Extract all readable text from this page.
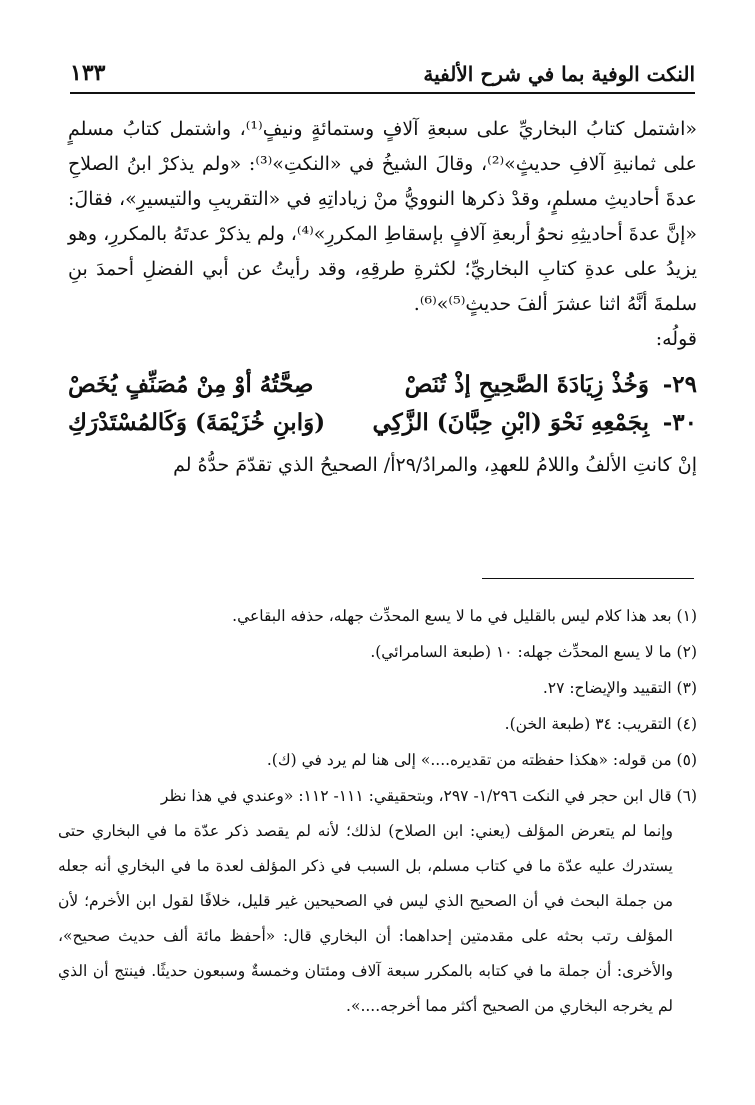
النكت الوفية بما في شرح الألفية
١٣٣

«اشتمل كتابُ البخاريِّ على سبعةِ آلافٍ وستمائةٍ ونيفٍ⁽¹⁾، واشتمل كتابُ مسلمٍ على ثمانيةِ آلافِ حديثٍ»⁽²⁾، وقالَ الشيخُ في «النكتِ»⁽³⁾: «ولم يذكرْ ابنُ الصلاحِ عدةَ أحاديثِ مسلمٍ، وقدْ ذكرها النوويُّ منْ زياداتِهِ في «التقريبِ والتيسيرِ»، فقالَ: «إنَّ عدةَ أحاديثِهِ نحوُ أربعةِ آلافٍ بإسقاطِ المكررِ»⁽⁴⁾، ولم يذكرْ عدتَهُ بالمكررِ، وهو يزيدُ على عدةِ كتابِ البخاريِّ؛ لكثرةِ طرقِهِ، وقد رأيتُ عن أبي الفضلِ أحمدَ بنِ سلمةَ أنَّهُ اثنا عشرَ ألفَ حديثٍ⁽⁵⁾»⁽⁶⁾.

قولُه:

٢٩-
وَخُذْ زِيَادَةَ الصَّحِيحِ إذْ تُنَصْ
صِحَّتُهُ أوْ مِنْ مُصَنِّفٍ يُخَصْ
٣٠-
بِجَمْعِهِ نَحْوَ (ابْنِ حِبَّانَ) الزَّكِي
(وَابنِ خُزَيْمَةَ) وَكَالمُسْتَدْرَكِ

إنْ كانتِ الألفُ واللامُ للعهدِ، والمرادُ/٢٩أ/ الصحيحُ الذي تقدّمَ حدُّهُ لم

(١) بعد هذا كلام ليس بالقليل في ما لا يسع المحدِّث جهله، حذفه البقاعي.

(٢) ما لا يسع المحدِّث جهله: ١٠ (طبعة السامرائي).

(٣) التقييد والإيضاح: ٢٧.

(٤) التقريب: ٣٤ (طبعة الخن).

(٥) من قوله: «هكذا حفظته من تقديره....» إلى هنا لم يرد في (ك).

(٦) قال ابن حجر في النكت ١/٢٩٦- ٢٩٧، وبتحقيقي: ١١١- ١١٢: «وعندي في هذا نظر

وإنما لم يتعرض المؤلف (يعني: ابن الصلاح) لذلك؛ لأنه لم يقصد ذكر عدّة ما في البخاري حتى يستدرك عليه عدّة ما في كتاب مسلم، بل السبب في ذكر المؤلف لعدة ما في البخاري أنه جعله من جملة البحث في أن الصحيح الذي ليس في الصحيحين غير قليل، خلافًا لقول ابن الأخرم؛ لأن المؤلف رتب بحثه على مقدمتين إحداهما: أن البخاري قال: «أحفظ مائة ألف حديث صحيح»، والأخرى: أن جملة ما في كتابه بالمكرر سبعة آلاف ومئتان وخمسةٌ وسبعون حديثًا. فينتج أن الذي لم يخرجه البخاري من الصحيح أكثر مما أخرجه....».
